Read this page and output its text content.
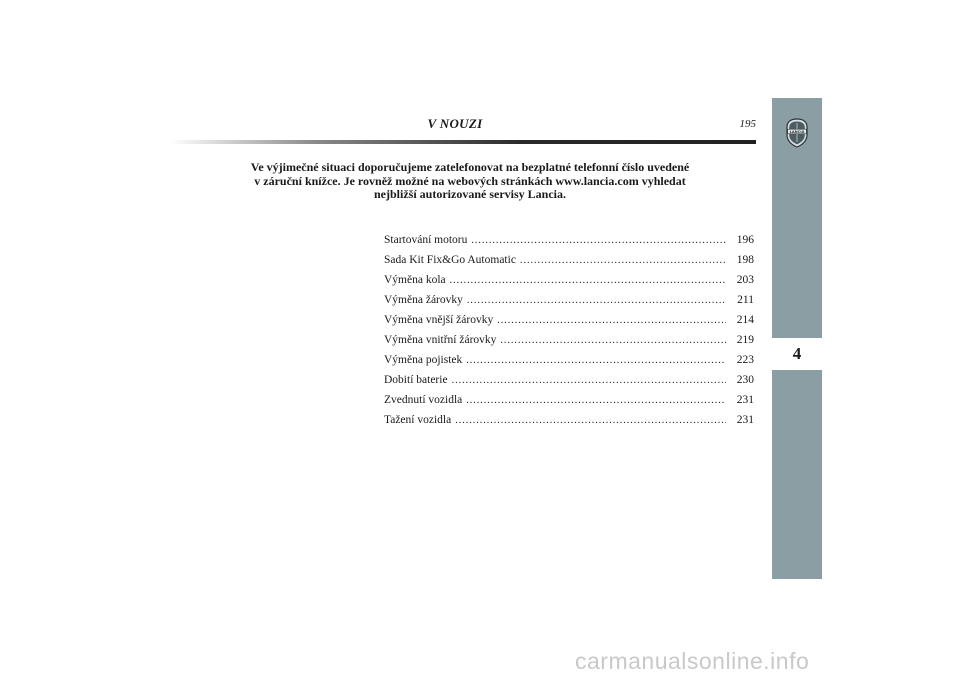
V NOUZI	195
Ve výjimečné situaci doporučujeme zatelefonovat na bezplatné telefonní číslo uvedené
v záruční knížce. Je rovněž možné na webových stránkách www.lancia.com vyhledat
nejbližší autorizované servisy Lancia.
Startování motoru .....	196
Sada Kit Fix&Go Automatic .....	198
Výměna kola .....	203
Výměna žárovky .....	211
Výměna vnější žárovky .....	214
Výměna vnitřní žárovky .....	219
Výměna pojistek .....	223
Dobití baterie .....	230
Zvednutí vozidla .....	231
Tažení vozidla .....	231
LANCIA
4
carmanualsonline.info
